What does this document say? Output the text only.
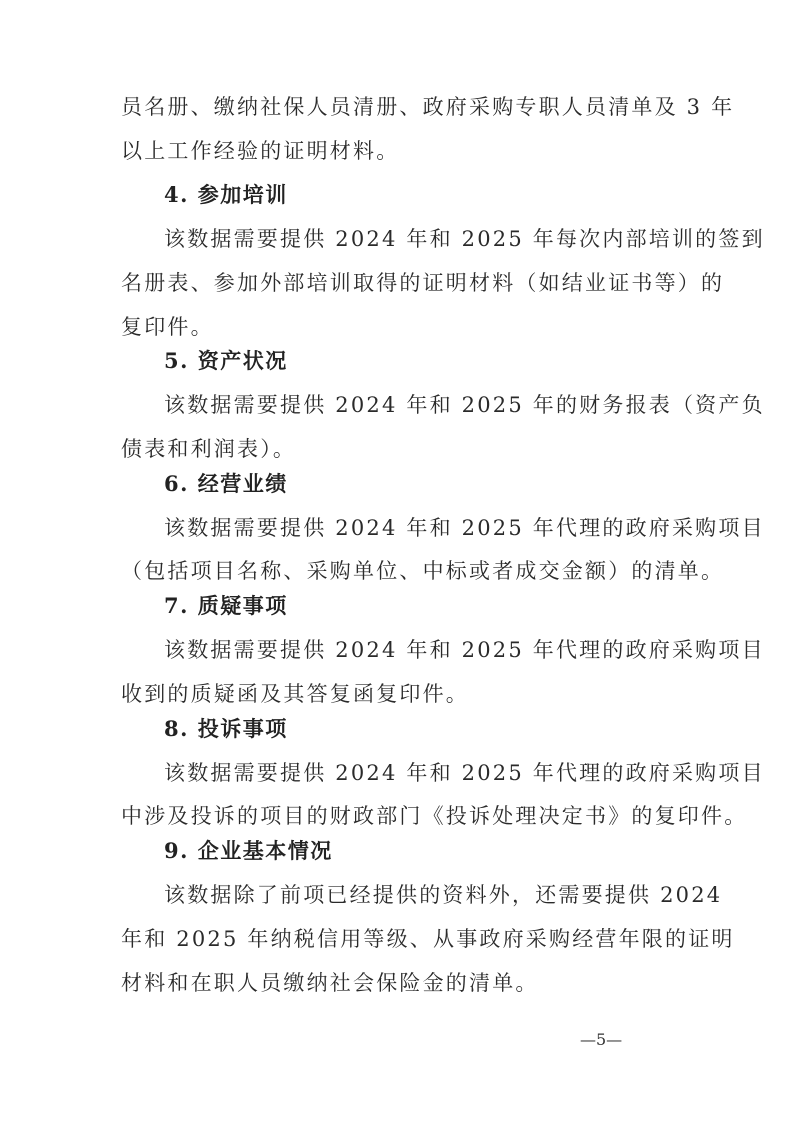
员名册、缴纳社保人员清册、政府采购专职人员清单及 3 年
以上工作经验的证明材料。
4. 参加培训
该数据需要提供 2024 年和 2025 年每次内部培训的签到
名册表、参加外部培训取得的证明材料（如结业证书等）的
复印件。
5. 资产状况
该数据需要提供 2024 年和 2025 年的财务报表（资产负
债表和利润表）。
6. 经营业绩
该数据需要提供 2024 年和 2025 年代理的政府采购项目
（包括项目名称、采购单位、中标或者成交金额）的清单。
7. 质疑事项
该数据需要提供 2024 年和 2025 年代理的政府采购项目
收到的质疑函及其答复函复印件。
8. 投诉事项
该数据需要提供 2024 年和 2025 年代理的政府采购项目
中涉及投诉的项目的财政部门《投诉处理决定书》的复印件。
9. 企业基本情况
该数据除了前项已经提供的资料外，还需要提供 2024
年和 2025 年纳税信用等级、从事政府采购经营年限的证明
材料和在职人员缴纳社会保险金的清单。
—5—
